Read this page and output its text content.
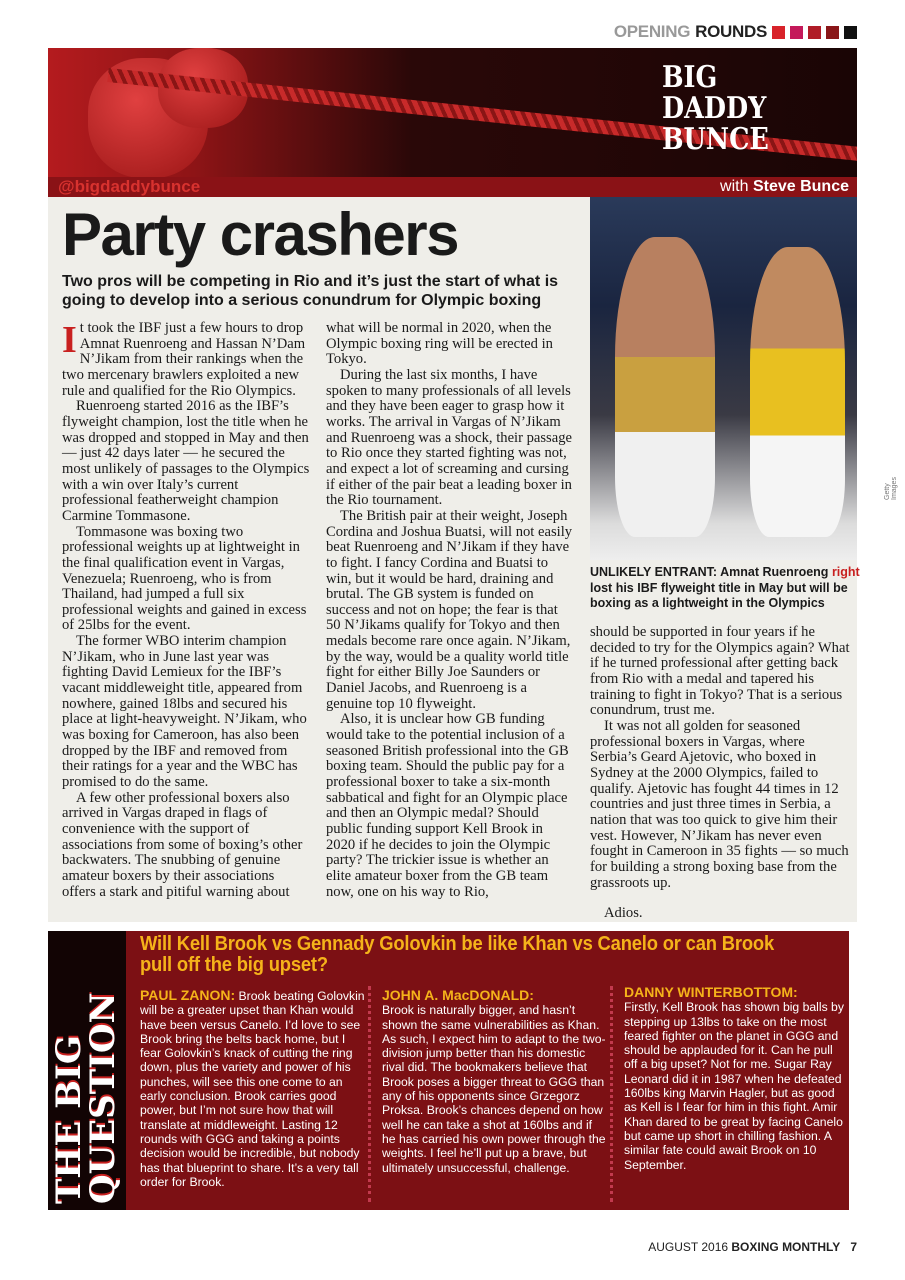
OPENING ROUNDS
BIG
DADDY
BUNCE
@bigdaddybunce	with Steve Bunce
Party crashers
Two pros will be competing in Rio and it’s just the start of what is going to develop into a serious conundrum for Olympic boxing

It took the IBF just a few hours to drop Amnat Ruenroeng and Hassan N’Dam N’Jikam from their rankings when the two mercenary brawlers exploited a new rule and qualified for the Rio Olympics.

Ruenroeng started 2016 as the IBF’s flyweight champion, lost the title when he was dropped and stopped in May and then — just 42 days later — he secured the most unlikely of passages to the Olympics with a win over Italy’s current professional featherweight champion Carmine Tommasone.

Tommasone was boxing two professional weights up at lightweight in the final qualification event in Vargas, Venezuela; Ruenroeng, who is from Thailand, had jumped a full six professional weights and gained in excess of 25lbs for the event.

The former WBO interim champion N’Jikam, who in June last year was fighting David Lemieux for the IBF’s vacant middleweight title, appeared from nowhere, gained 18lbs and secured his place at light-heavyweight. N’Jikam, who was boxing for Cameroon, has also been dropped by the IBF and removed from their ratings for a year and the WBC has promised to do the same.

A few other professional boxers also arrived in Vargas draped in flags of convenience with the support of associations from some of boxing’s other backwaters. The snubbing of genuine amateur boxers by their associations offers a stark and pitiful warning about

what will be normal in 2020, when the Olympic boxing ring will be erected in Tokyo.

During the last six months, I have spoken to many professionals of all levels and they have been eager to grasp how it works. The arrival in Vargas of N’Jikam and Ruenroeng was a shock, their passage to Rio once they started fighting was not, and expect a lot of screaming and cursing if either of the pair beat a leading boxer in the Rio tournament.

The British pair at their weight, Joseph Cordina and Joshua Buatsi, will not easily beat Ruenroeng and N’Jikam if they have to fight. I fancy Cordina and Buatsi to win, but it would be hard, draining and brutal. The GB system is funded on success and not on hope; the fear is that 50 N’Jikams qualify for Tokyo and then medals become rare once again. N’Jikam, by the way, would be a quality world title fight for either Billy Joe Saunders or Daniel Jacobs, and Ruenroeng is a genuine top 10 flyweight.

Also, it is unclear how GB funding would take to the potential inclusion of a seasoned British professional into the GB boxing team. Should the public pay for a professional boxer to take a six-month sabbatical and fight for an Olympic place and then an Olympic medal? Should public funding support Kell Brook in 2020 if he decides to join the Olympic party? The trickier issue is whether an elite amateur boxer from the GB team now, one on his way to Rio,

UNLIKELY ENTRANT: Amnat Ruenroeng right lost his IBF flyweight title in May but will be boxing as a lightweight in the Olympics
Getty Images

should be supported in four years if he decided to try for the Olympics again? What if he turned professional after getting back from Rio with a medal and tapered his training to fight in Tokyo? That is a serious conundrum, trust me.

It was not all golden for seasoned professional boxers in Vargas, where Serbia’s Geard Ajetovic, who boxed in Sydney at the 2000 Olympics, failed to qualify. Ajetovic has fought 44 times in 12 countries and just three times in Serbia, a nation that was too quick to give him their vest. However, N’Jikam has never even fought in Cameroon in 35 fights — so much for building a strong boxing base from the grassroots up.

Adios.

THE BIG
QUESTION
Will Kell Brook vs Gennady Golovkin be like Khan vs Canelo or can Brook pull off the big upset?
PAUL ZANON: Brook beating Golovkin will be a greater upset than Khan would have been versus Canelo. I’d love to see Brook bring the belts back home, but I fear Golovkin’s knack of cutting the ring down, plus the variety and power of his punches, will see this one come to an early conclusion. Brook carries good power, but I’m not sure how that will translate at middleweight. Lasting 12 rounds with GGG and taking a points decision would be incredible, but nobody has that blueprint to share. It’s a very tall order for Brook.
JOHN A. MacDONALD:
Brook is naturally bigger, and hasn’t shown the same vulnerabilities as Khan. As such, I expect him to adapt to the two-division jump better than his domestic rival did. The bookmakers believe that Brook poses a bigger threat to GGG than any of his opponents since Grzegorz Proksa. Brook’s chances depend on how well he can take a shot at 160lbs and if he has carried his own power through the weights. I feel he’ll put up a brave, but ultimately unsuccessful, challenge.
DANNY WINTERBOTTOM:
Firstly, Kell Brook has shown big balls by stepping up 13lbs to take on the most feared fighter on the planet in GGG and should be applauded for it. Can he pull off a big upset? Not for me. Sugar Ray Leonard did it in 1987 when he defeated 160lbs king Marvin Hagler, but as good as Kell is I fear for him in this fight. Amir Khan dared to be great by facing Canelo but came up short in chilling fashion. A similar fate could await Brook on 10 September.
AUGUST 2016 BOXING MONTHLY 7
